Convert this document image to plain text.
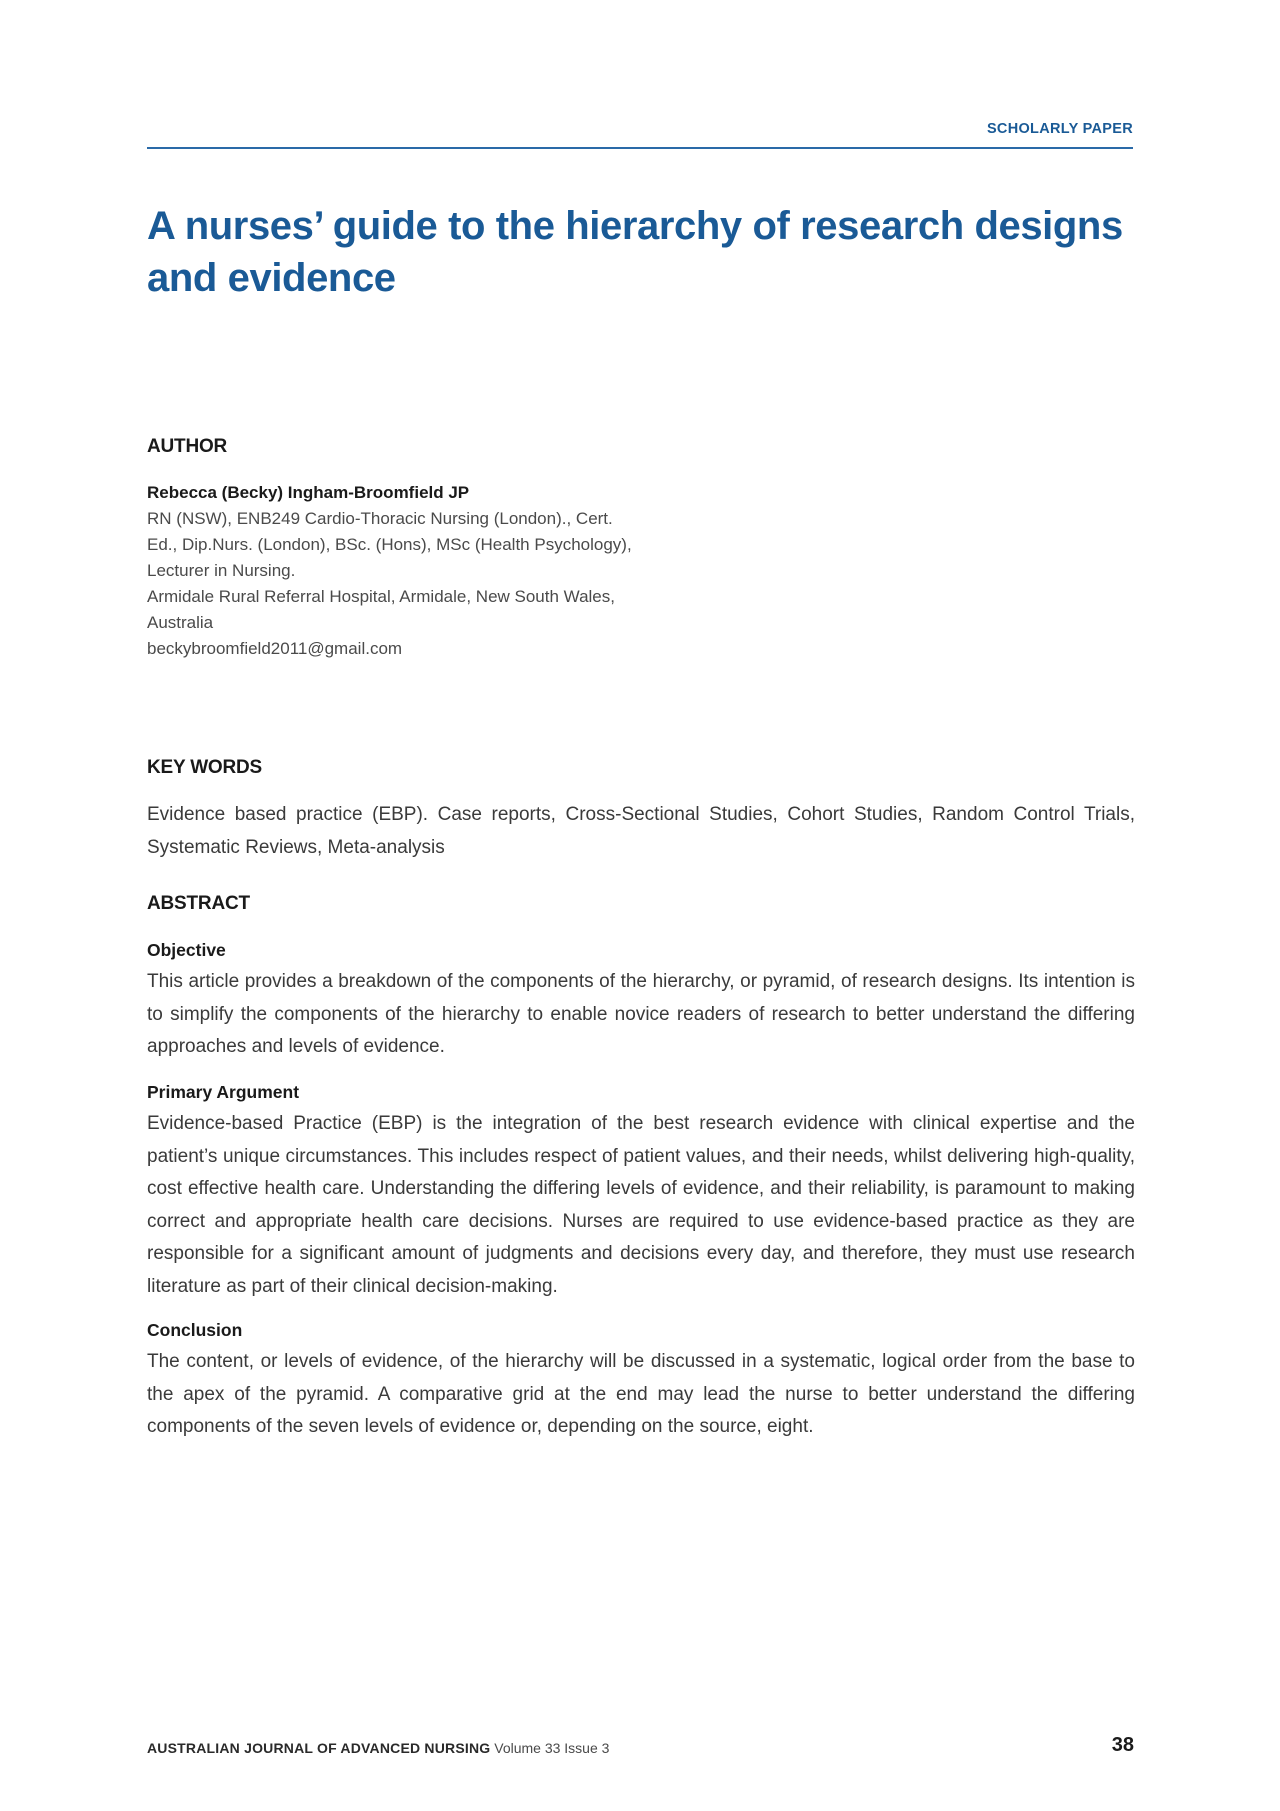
SCHOLARLY PAPER
A nurses’ guide to the hierarchy of research designs and evidence
AUTHOR
Rebecca (Becky) Ingham-Broomfield JP
RN (NSW), ENB249 Cardio-Thoracic Nursing (London)., Cert.
Ed., Dip.Nurs. (London), BSc. (Hons), MSc (Health Psychology),
Lecturer in Nursing.
Armidale Rural Referral Hospital, Armidale, New South Wales,
Australia
beckybroomfield2011@gmail.com
KEY WORDS

Evidence based practice (EBP). Case reports, Cross-Sectional Studies, Cohort Studies, Random Control Trials, Systematic Reviews, Meta-analysis

ABSTRACT
Objective

This article provides a breakdown of the components of the hierarchy, or pyramid, of research designs. Its intention is to simplify the components of the hierarchy to enable novice readers of research to better understand the differing approaches and levels of evidence.

Primary Argument

Evidence-based Practice (EBP) is the integration of the best research evidence with clinical expertise and the patient’s unique circumstances. This includes respect of patient values, and their needs, whilst delivering high-quality, cost effective health care. Understanding the differing levels of evidence, and their reliability, is paramount to making correct and appropriate health care decisions. Nurses are required to use evidence-based practice as they are responsible for a significant amount of judgments and decisions every day, and therefore, they must use research literature as part of their clinical decision-making.

Conclusion

The content, or levels of evidence, of the hierarchy will be discussed in a systematic, logical order from the base to the apex of the pyramid. A comparative grid at the end may lead the nurse to better understand the differing components of the seven levels of evidence or, depending on the source, eight.

AUSTRALIAN JOURNAL OF ADVANCED NURSING Volume 33 Issue 3	38
